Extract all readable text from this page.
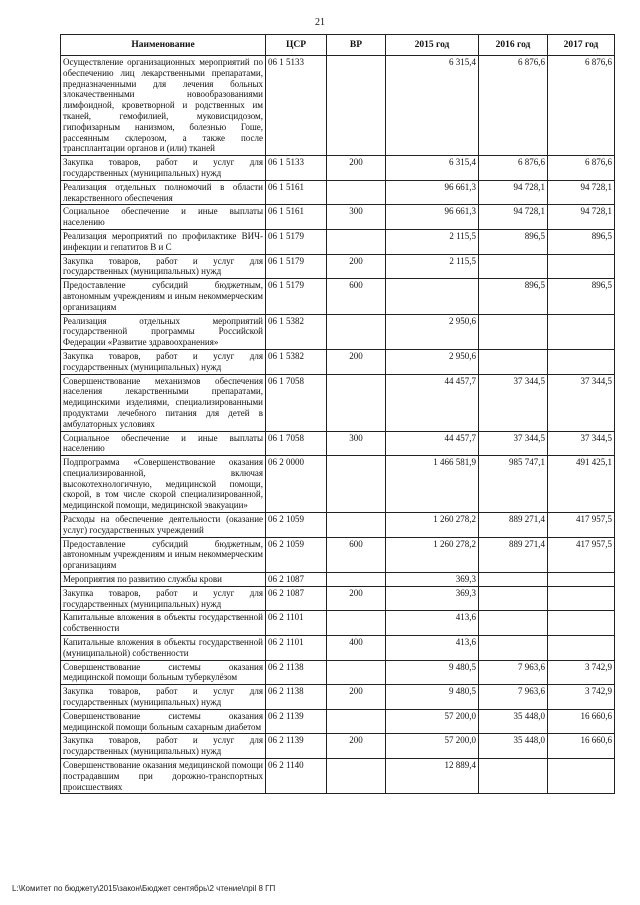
21
Наименование	ЦСР	ВР	2015 год	2016 год	2017 год
Осуществление организационных мероприятий по обеспечению лиц лекарственными препаратами, предназначенными для лечения больных злокачественными новообразованиями лимфоидной, кроветворной и родственных им тканей, гемофилией, муковисцидозом, гипофизарным нанизмом, болезнью Гоше, рассеянным склерозом, а также после трансплантации органов и (или) тканей	06 1 5133		6 315,4	6 876,6	6 876,6
Закупка товаров, работ и услуг для государственных (муниципальных) нужд	06 1 5133	200	6 315,4	6 876,6	6 876,6
Реализация отдельных полномочий в области лекарственного обеспечения	06 1 5161		96 661,3	94 728,1	94 728,1
Социальное обеспечение и иные выплаты населению	06 1 5161	300	96 661,3	94 728,1	94 728,1
Реализация мероприятий по профилактике ВИЧ-инфекции и гепатитов B и C	06 1 5179		2 115,5	896,5	896,5
Закупка товаров, работ и услуг для государственных (муниципальных) нужд	06 1 5179	200	2 115,5		
Предоставление субсидий бюджетным, автономным учреждениям и иным некоммерческим организациям	06 1 5179	600		896,5	896,5
Реализация отдельных мероприятий государственной программы Российской Федерации «Развитие здравоохранения»	06 1 5382		2 950,6		
Закупка товаров, работ и услуг для государственных (муниципальных) нужд	06 1 5382	200	2 950,6		
Совершенствование механизмов обеспечения населения лекарственными препаратами, медицинскими изделиями, специализированными продуктами лечебного питания для детей в амбулаторных условиях	06 1 7058		44 457,7	37 344,5	37 344,5
Социальное обеспечение и иные выплаты населению	06 1 7058	300	44 457,7	37 344,5	37 344,5
Подпрограмма «Совершенствование оказания специализированной, включая высокотехнологичную, медицинской помощи, скорой, в том числе скорой специализированной, медицинской помощи, медицинской эвакуации»	06 2 0000		1 466 581,9	985 747,1	491 425,1
Расходы на обеспечение деятельности (оказание услуг) государственных учреждений	06 2 1059		1 260 278,2	889 271,4	417 957,5
Предоставление субсидий бюджетным, автономным учреждениям и иным некоммерческим организациям	06 2 1059	600	1 260 278,2	889 271,4	417 957,5
Мероприятия по развитию службы крови	06 2 1087		369,3		
Закупка товаров, работ и услуг для государственных (муниципальных) нужд	06 2 1087	200	369,3		
Капитальные вложения в объекты государственной собственности	06 2 1101		413,6		
Капитальные вложения в объекты государственной (муниципальной) собственности	06 2 1101	400	413,6		
Совершенствование системы оказания медицинской помощи больным туберкулёзом	06 2 1138		9 480,5	7 963,6	3 742,9
Закупка товаров, работ и услуг для государственных (муниципальных) нужд	06 2 1138	200	9 480,5	7 963,6	3 742,9
Совершенствование системы оказания медицинской помощи больным сахарным диабетом	06 2 1139		57 200,0	35 448,0	16 660,6
Закупка товаров, работ и услуг для государственных (муниципальных) нужд	06 2 1139	200	57 200,0	35 448,0	16 660,6
Совершенствование оказания медицинской помощи пострадавшим при дорожно-транспортных происшествиях	06 2 1140		12 889,4		
L:\Комитет по бюджету\2015\закон\Бюджет сентябрь\2 чтение\прil 8 ГП
